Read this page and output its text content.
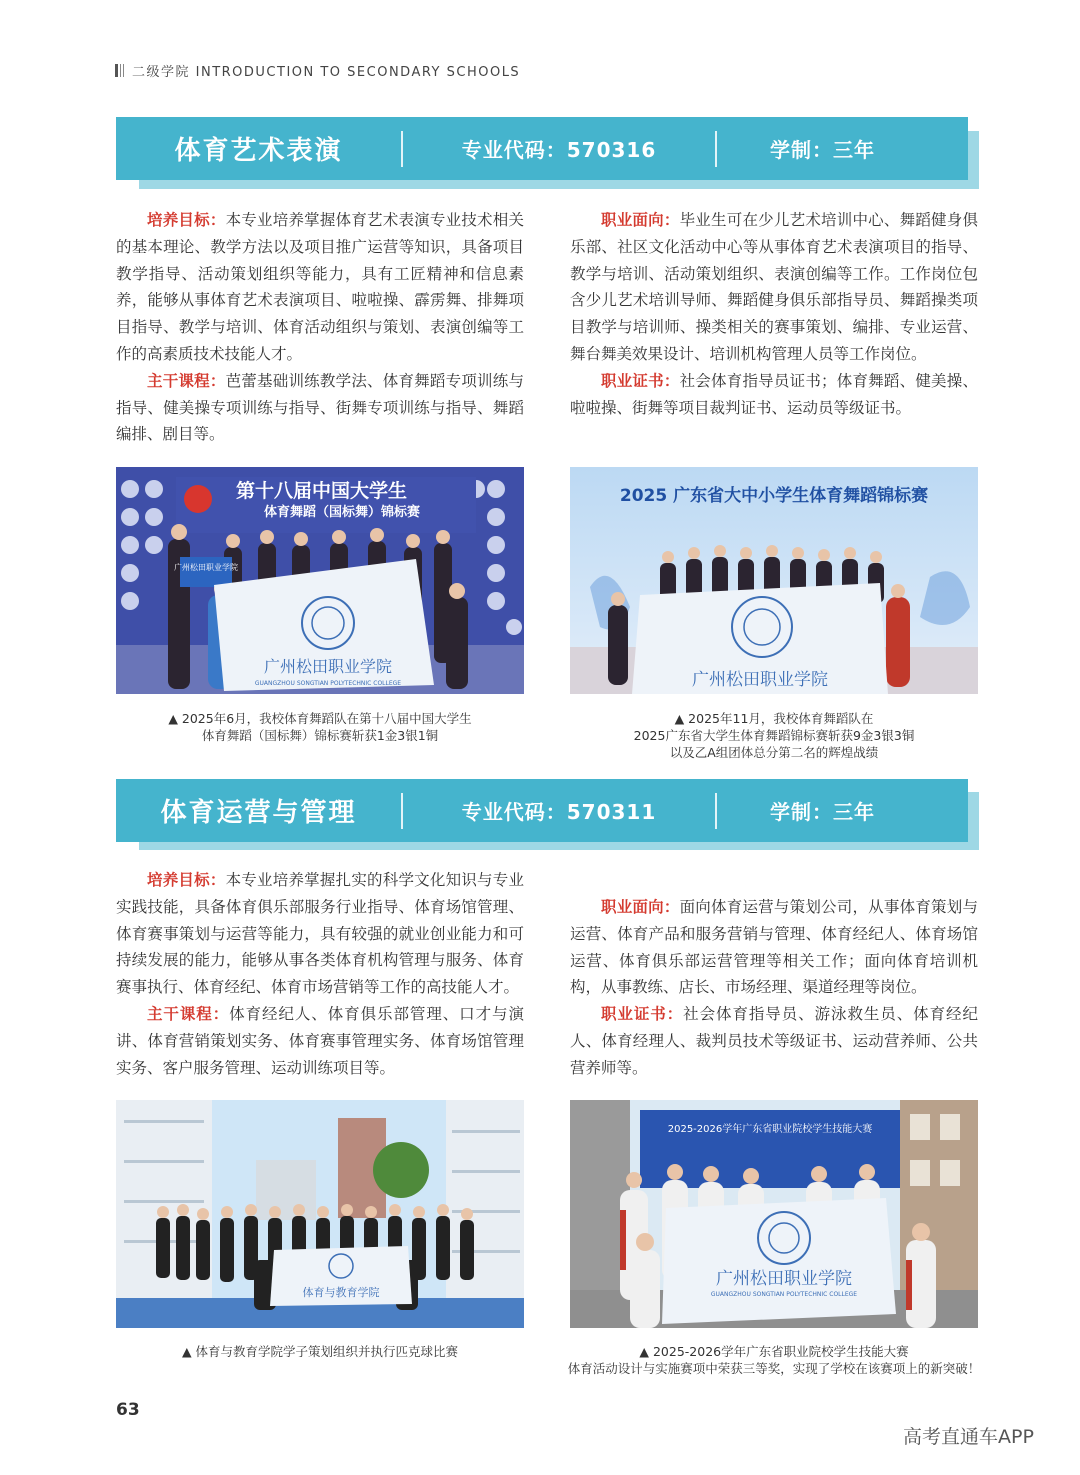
二级学院 INTRODUCTION TO SECONDARY SCHOOLS
体育艺术表演	专业代码：570316	学制：三年

培养目标：本专业培养掌握体育艺术表演专业技术相关的基本理论、教学方法以及项目推广运营等知识，具备项目教学指导、活动策划组织等能力，具有工匠精神和信息素养，能够从事体育艺术表演项目、啦啦操、霹雳舞、排舞项目指导、教学与培训、体育活动组织与策划、表演创编等工作的高素质技术技能人才。

主干课程：芭蕾基础训练教学法、体育舞蹈专项训练与指导、健美操专项训练与指导、街舞专项训练与指导、舞蹈编排、剧目等。

职业面向：毕业生可在少儿艺术培训中心、舞蹈健身俱乐部、社区文化活动中心等从事体育艺术表演项目的指导、教学与培训、活动策划组织、表演创编等工作。工作岗位包含少儿艺术培训导师、舞蹈健身俱乐部指导员、舞蹈操类项目教学与培训师、操类相关的赛事策划、编排、专业运营、舞台舞美效果设计、培训机构管理人员等工作岗位。

职业证书：社会体育指导员证书；体育舞蹈、健美操、啦啦操、街舞等项目裁判证书、运动员等级证书。

第十八届中国大学生
体育舞蹈（国标舞）锦标赛
广州松田职业学院
广州松田职业学院
GUANGZHOU SONGTIAN POLYTECHNIC COLLEGE
▲ 2025年6月，我校体育舞蹈队在第十八届中国大学生
体育舞蹈（国标舞）锦标赛斩获1金3银1铜
2025 广东省大中小学生体育舞蹈锦标赛
广州松田职业学院
▲ 2025年11月，我校体育舞蹈队在
2025广东省大学生体育舞蹈锦标赛斩获9金3银3铜
以及乙A组团体总分第二名的辉煌战绩
体育运营与管理	专业代码：570311	学制：三年

培养目标：本专业培养掌握扎实的科学文化知识与专业实践技能，具备体育俱乐部服务行业指导、体育场馆管理、体育赛事策划与运营等能力，具有较强的就业创业能力和可持续发展的能力，能够从事各类体育机构管理与服务、体育赛事执行、体育经纪、体育市场营销等工作的高技能人才。

主干课程：体育经纪人、体育俱乐部管理、口才与演讲、体育营销策划实务、体育赛事管理实务、体育场馆管理实务、客户服务管理、运动训练项目等。

职业面向：面向体育运营与策划公司，从事体育策划与运营、体育产品和服务营销与管理、体育经纪人、体育场馆运营、体育俱乐部运营管理等相关工作；面向体育培训机构，从事教练、店长、市场经理、渠道经理等岗位。

职业证书：社会体育指导员、游泳救生员、体育经纪人、体育经理人、裁判员技术等级证书、运动营养师、公共营养师等。

体育与教育学院
▲ 体育与教育学院学子策划组织并执行匹克球比赛
2025-2026学年广东省职业院校学生技能大赛
广州松田职业学院
GUANGZHOU SONGTIAN POLYTECHNIC COLLEGE
▲ 2025-2026学年广东省职业院校学生技能大赛
体育活动设计与实施赛项中荣获三等奖，实现了学校在该赛项上的新突破！
63
高考直通车APP
